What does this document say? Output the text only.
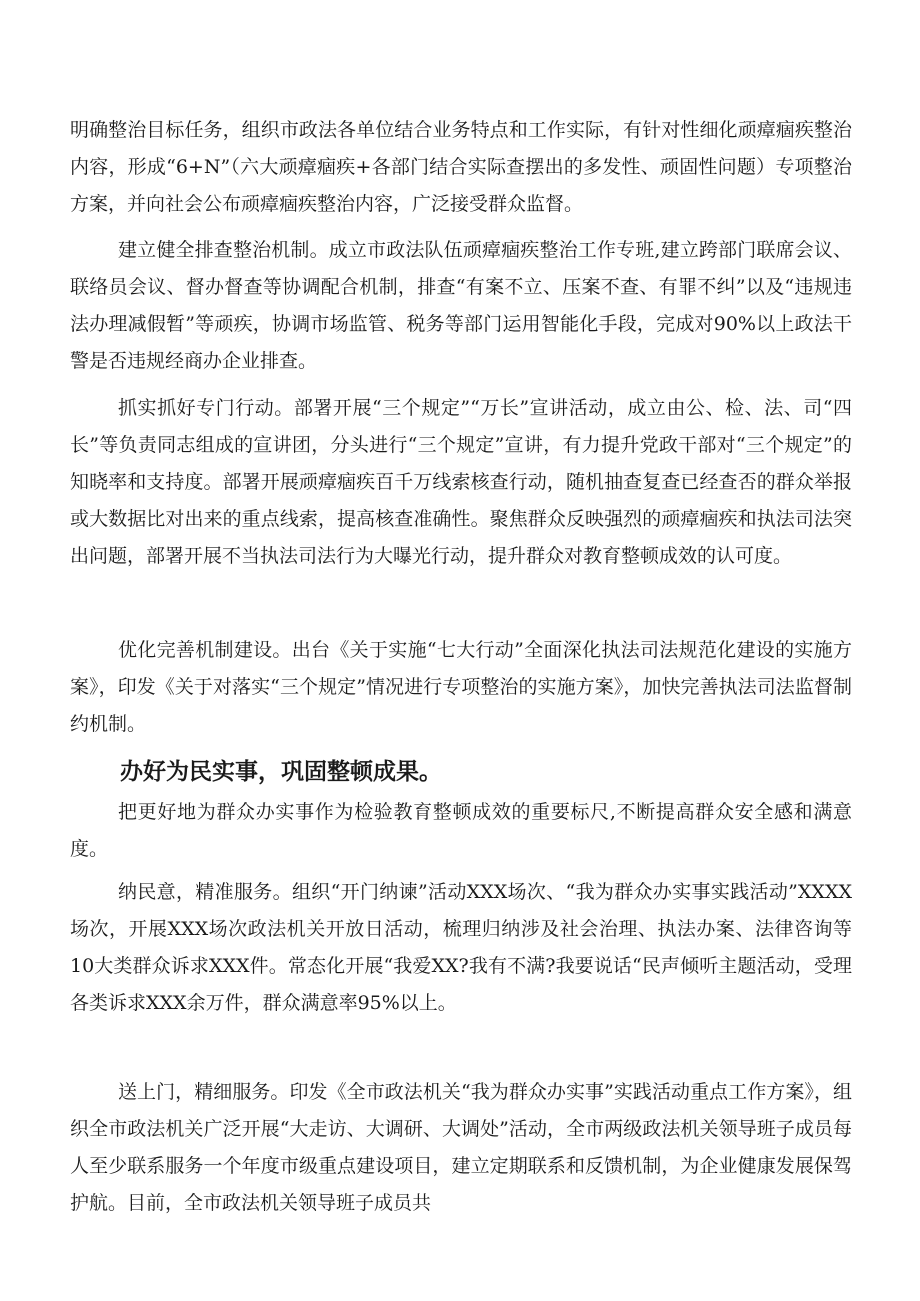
明确整治目标任务，组织市政法各单位结合业务特点和工作实际，有针对性细化顽瘴痼疾整治内容，形成“6+N”（六大顽瘴痼疾+各部门结合实际查摆出的多发性、顽固性问题）专项整治方案，并向社会公布顽瘴痼疾整治内容，广泛接受群众监督。

建立健全排查整治机制。成立市政法队伍顽瘴痼疾整治工作专班,建立跨部门联席会议、联络员会议、督办督查等协调配合机制，排查“有案不立、压案不查、有罪不纠”以及“违规违法办理减假暂”等顽疾，协调市场监管、税务等部门运用智能化手段，完成对90%以上政法干警是否违规经商办企业排查。

抓实抓好专门行动。部署开展“三个规定”“万长”宣讲活动，成立由公、检、法、司“四长”等负责同志组成的宣讲团，分头进行“三个规定”宣讲，有力提升党政干部对“三个规定”的知晓率和支持度。部署开展顽瘴痼疾百千万线索核查行动，随机抽查复查已经查否的群众举报或大数据比对出来的重点线索，提高核查准确性。聚焦群众反映强烈的顽瘴痼疾和执法司法突出问题，部署开展不当执法司法行为大曝光行动，提升群众对教育整顿成效的认可度。

优化完善机制建设。出台《关于实施“七大行动”全面深化执法司法规范化建设的实施方案》，印发《关于对落实“三个规定”情况进行专项整治的实施方案》，加快完善执法司法监督制约机制。

办好为民实事，巩固整顿成果。

把更好地为群众办实事作为检验教育整顿成效的重要标尺,不断提高群众安全感和满意度。

纳民意，精准服务。组织“开门纳谏”活动XXX场次、“我为群众办实事实践活动”XXXX场次，开展XXX场次政法机关开放日活动，梳理归纳涉及社会治理、执法办案、法律咨询等10大类群众诉求XXX件。常态化开展“我爱XX?我有不满?我要说话“民声倾听主题活动，受理各类诉求XXX余万件，群众满意率95%以上。

送上门，精细服务。印发《全市政法机关“我为群众办实事”实践活动重点工作方案》，组织全市政法机关广泛开展“大走访、大调研、大调处”活动，全市两级政法机关领导班子成员每人至少联系服务一个年度市级重点建设项目，建立定期联系和反馈机制，为企业健康发展保驾护航。目前，全市政法机关领导班子成员共
